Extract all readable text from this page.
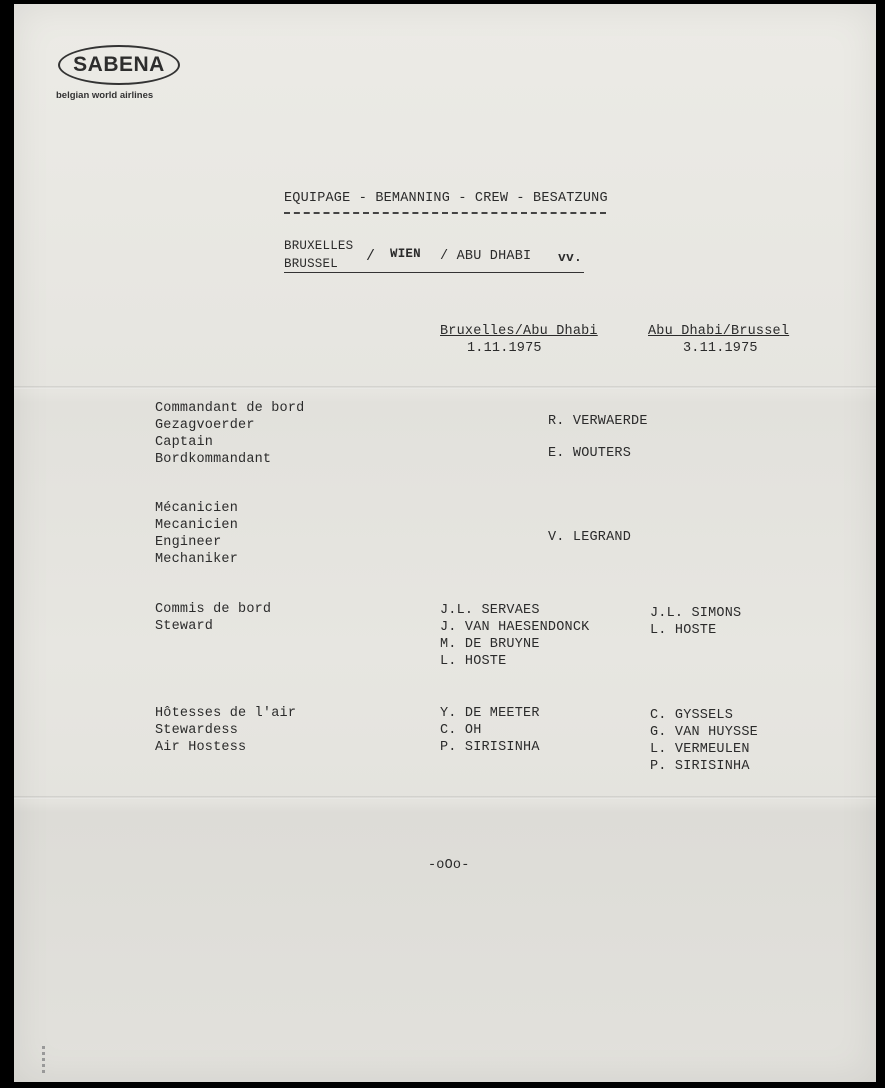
SABENA
belgian world airlines
EQUIPAGE - BEMANNING - CREW - BESATZUNG
BRUXELLES
BRUSSEL / WIEN / ABU DHABI vv.
Bruxelles/Abu Dhabi
1.11.1975
Abu Dhabi/Brussel
3.11.1975
Commandant de bord
Gezagvoerder
Captain
Bordkommandant
R. VERWAERDE
E. WOUTERS
Mécanicien
Mecanicien
Engineer
Mechaniker
V. LEGRAND
Commis de bord
Steward
J.L. SERVAES
J. VAN HAESENDONCK
M. DE BRUYNE
L. HOSTE
J.L. SIMONS
L. HOSTE
Hôtesses de l'air
Stewardess
Air Hostess
Y. DE MEETER
C. OH
P. SIRISINHA
C. GYSSELS
G. VAN HUYSSE
L. VERMEULEN
P. SIRISINHA
-oOo-
